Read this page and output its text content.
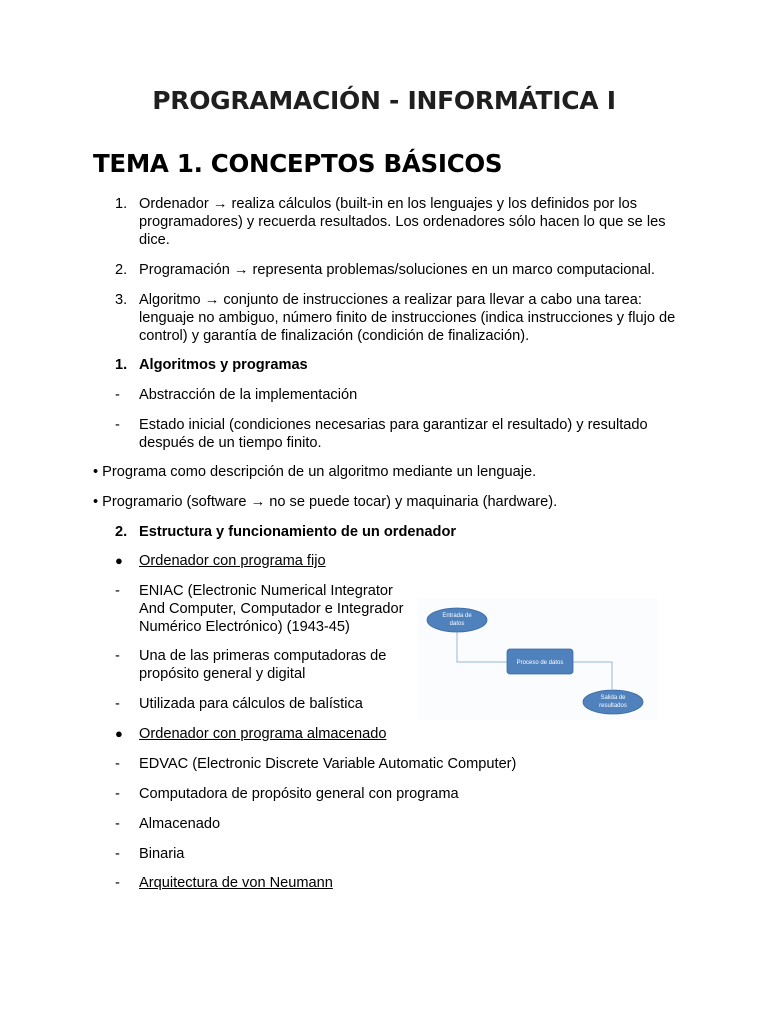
PROGRAMACIÓN - INFORMÁTICA I
TEMA 1. CONCEPTOS BÁSICOS
1. Ordenador → realiza cálculos (built-in en los lenguajes y los definidos por los
programadores) y recuerda resultados. Los ordenadores sólo hacen lo que se les
dice.
2. Programación → representa problemas/soluciones en un marco computacional.
3. Algoritmo → conjunto de instrucciones a realizar para llevar a cabo una tarea:
lenguaje no ambiguo, número finito de instrucciones (indica instrucciones y flujo de
control) y garantía de finalización (condición de finalización).
1. Algoritmos y programas
-	Abstracción de la implementación
-	Estado inicial (condiciones necesarias para garantizar el resultado) y resultado
después de un tiempo finito.
• Programa como descripción de un algoritmo mediante un lenguaje.
• Programario (software → no se puede tocar) y maquinaria (hardware).
2. Estructura y funcionamiento de un ordenador
●	Ordenador con programa fijo
-	ENIAC (Electronic Numerical Integrator
And Computer, Computador e Integrador
Numérico Electrónico) (1943-45)
-	Una de las primeras computadoras de
propósito general y digital
-	Utilizada para cálculos de balística
●	Ordenador con programa almacenado
-	EDVAC (Electronic Discrete Variable Automatic Computer)
-	Computadora de propósito general con programa
-	Almacenado
-	Binaria
-	Arquitectura de von Neumann
Entrada de
datos
Proceso de datos
Salida de
resultados
